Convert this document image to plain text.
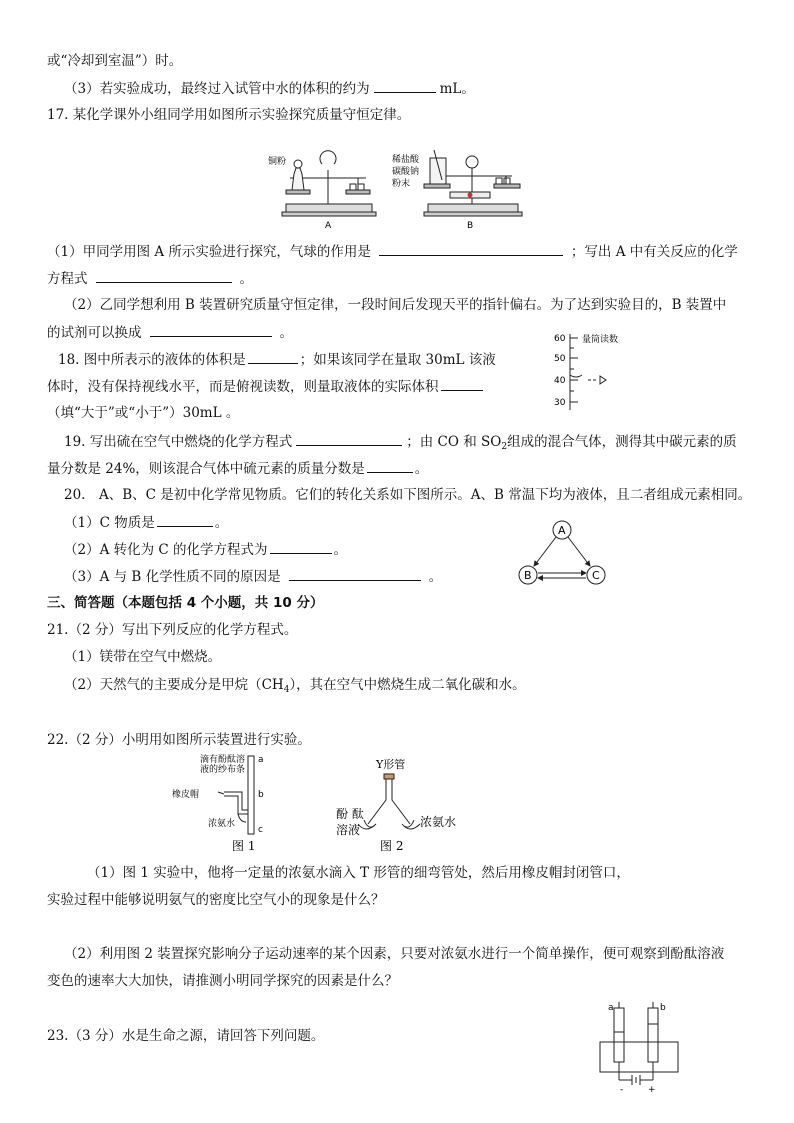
或“冷却到室温”）时。
（3）若实验成功，最终过入试管中水的体积的约为	mL。
17. 某化学课外小组同学用如图所示实验探究质量守恒定律。
铜粉
A
稀盐酸
碳酸钠
粉末
B
（1）甲同学用图 A 所示实验进行探究，气球的作用是	；写出 A 中有关反应的化学
方程式	。
（2）乙同学想利用 B 装置研究质量守恒定律，一段时间后发现天平的指针偏右。为了达到实验目的，B 装置中
的试剂可以换成	。	60
50
40
30
量筒读数
18. 图中所表示的液体的体积是	；如果该同学在量取 30mL 该液
体时，没有保持视线水平，而是俯视读数，则量取液体的实际体积
（填“大于”或“小于”）30mL 。
19. 写出硫在空气中燃烧的化学方程式	；由 CO 和 $SO_2$组成的混合气体，测得其中碳元素的质
量分数是 24%，则该混合气体中硫元素的质量分数是	。
20.　A、B、C 是初中化学常见物质。它们的转化关系如下图所示。A、B 常温下均为液体，且二者组成元素相同。
（1）C 物质是	。
（2）A 转化为 C 的化学方程式为	。
（3）A 与 B 化学性质不同的原因是	。
A
B	C
三、简答题（本题包括 4 个小题，共 10 分）
21.（2 分）写出下列反应的化学方程式。
（1）镁带在空气中燃烧。
（2）天然气的主要成分是甲烷$(CH_4)$，其在空气中燃烧生成二氧化碳和水。
22.（2 分）小明用如图所示装置进行实验。
滴有酚酞溶
液的纱布条
橡皮帽
浓氨水
a
b
c
图 1
Y形管
酚 酞
溶液
浓氨水
图 2
（1）图 1 实验中，他将一定量的浓氨水滴入 T 形管的细弯管处，然后用橡皮帽封闭管口，
实验过程中能够说明氨气的密度比空气小的现象是什么？
（2）利用图 2 装置探究影响分子运动速率的某个因素，只要对浓氨水进行一个简单操作，便可观察到酚酞溶液
变色的速率大大加快，请推测小明同学探究的因素是什么？
23.（3 分）水是生命之源，请回答下列问题。
a	b
-	+
